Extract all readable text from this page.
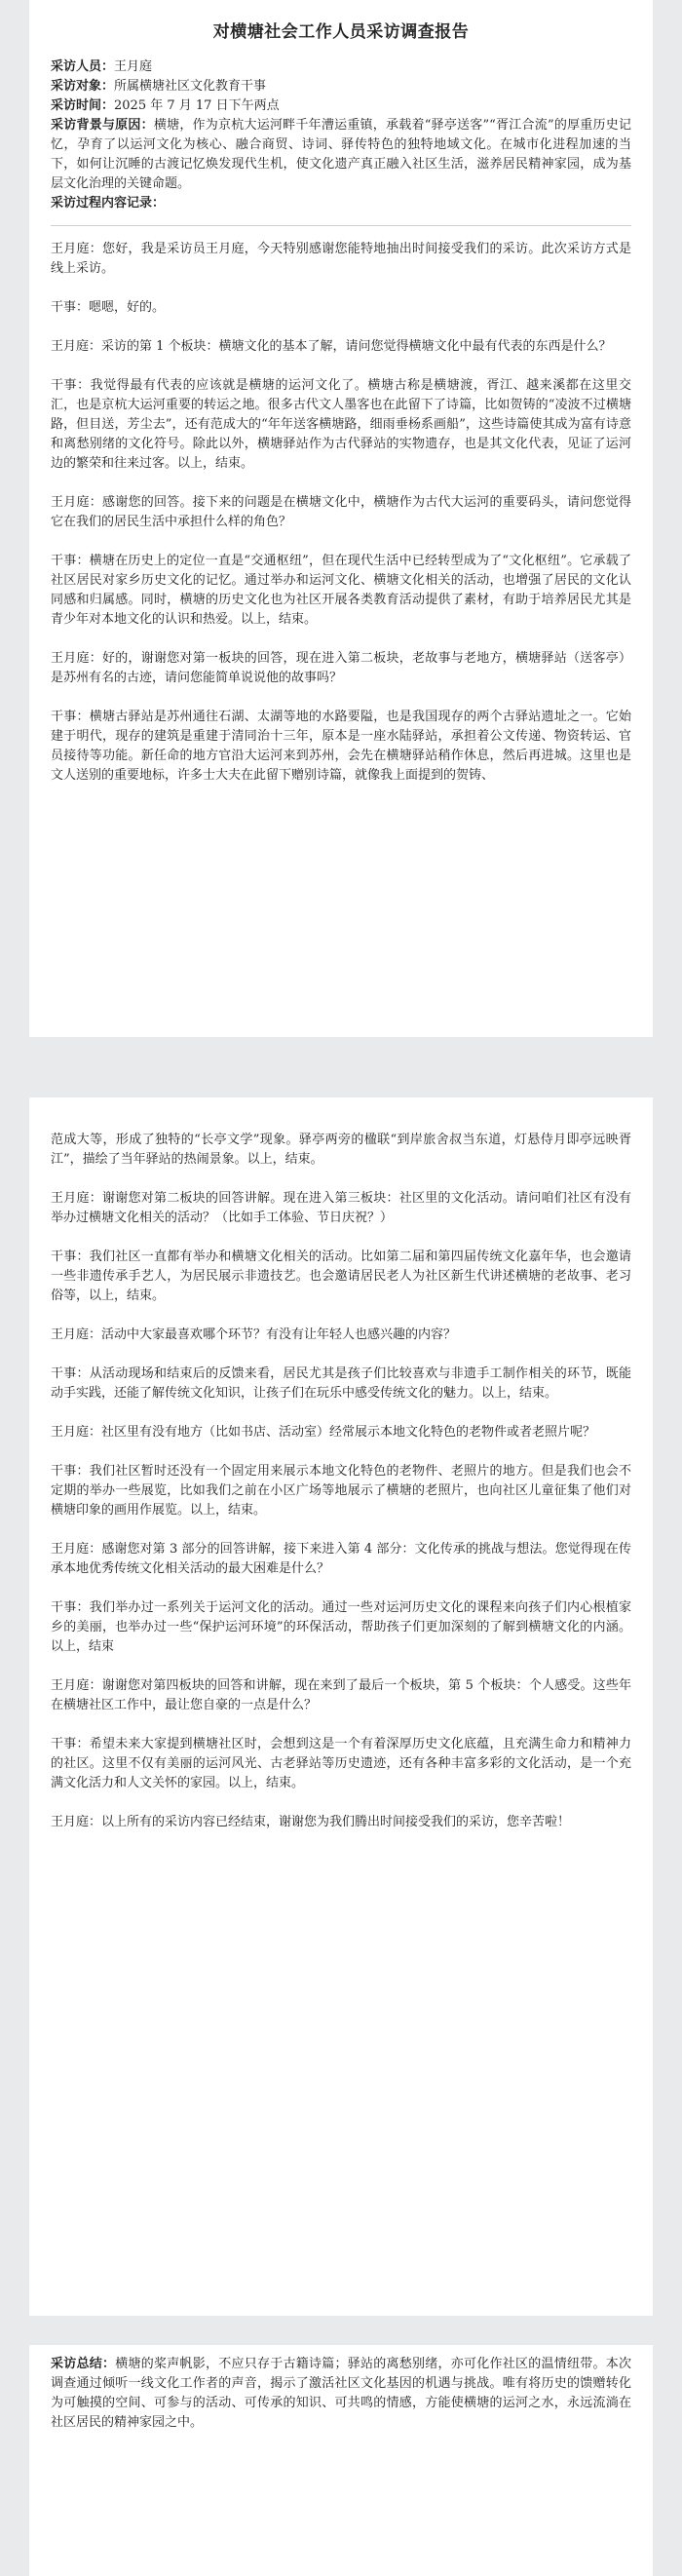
对横塘社会工作人员采访调查报告

采访人员：王月庭

采访对象：所属横塘社区文化教育干事

采访时间：2025 年 7 月 17 日下午两点

采访背景与原因：横塘，作为京杭大运河畔千年漕运重镇，承载着“驿亭送客”“胥江合流”的厚重历史记忆，孕育了以运河文化为核心、融合商贸、诗词、驿传特色的独特地域文化。在城市化进程加速的当下，如何让沉睡的古渡记忆焕发现代生机，使文化遗产真正融入社区生活，滋养居民精神家园，成为基层文化治理的关键命题。

采访过程内容记录：

王月庭：您好，我是采访员王月庭，今天特别感谢您能特地抽出时间接受我们的采访。此次采访方式是线上采访。

干事：嗯嗯，好的。

王月庭：采访的第 1 个板块：横塘文化的基本了解，请问您觉得横塘文化中最有代表的东西是什么？

干事：我觉得最有代表的应该就是横塘的运河文化了。横塘古称是横塘渡，胥江、越来溪都在这里交汇，也是京杭大运河重要的转运之地。很多古代文人墨客也在此留下了诗篇，比如贺铸的“凌波不过横塘路，但目送，芳尘去”，还有范成大的“年年送客横塘路，细雨垂杨系画船”，这些诗篇使其成为富有诗意和离愁别绪的文化符号。除此以外，横塘驿站作为古代驿站的实物遗存，也是其文化代表，见证了运河边的繁荣和往来过客。以上，结束。

王月庭：感谢您的回答。接下来的问题是在横塘文化中，横塘作为古代大运河的重要码头，请问您觉得它在我们的居民生活中承担什么样的角色？

干事：横塘在历史上的定位一直是“交通枢纽”，但在现代生活中已经转型成为了“文化枢纽”。它承载了社区居民对家乡历史文化的记忆。通过举办和运河文化、横塘文化相关的活动，也增强了居民的文化认同感和归属感。同时，横塘的历史文化也为社区开展各类教育活动提供了素材，有助于培养居民尤其是青少年对本地文化的认识和热爱。以上，结束。

王月庭：好的，谢谢您对第一板块的回答，现在进入第二板块，老故事与老地方，横塘驿站（送客亭）是苏州有名的古迹，请问您能简单说说他的故事吗？

干事：横塘古驿站是苏州通往石湖、太湖等地的水路要隘，也是我国现存的两个古驿站遗址之一。它始建于明代，现存的建筑是重建于清同治十三年，原本是一座水陆驿站，承担着公文传递、物资转运、官员接待等功能。新任命的地方官沿大运河来到苏州，会先在横塘驿站稍作休息，然后再进城。这里也是文人送别的重要地标，许多士大夫在此留下赠别诗篇，就像我上面提到的贺铸、

范成大等，形成了独特的“长亭文学”现象。驿亭两旁的楹联“到岸旅舍叔当东道，灯悬侍月即亭远映胥江”，描绘了当年驿站的热闹景象。以上，结束。

王月庭：谢谢您对第二板块的回答讲解。现在进入第三板块：社区里的文化活动。请问咱们社区有没有举办过横塘文化相关的活动？（比如手工体验、节日庆祝？）

干事：我们社区一直都有举办和横塘文化相关的活动。比如第二届和第四届传统文化嘉年华，也会邀请一些非遗传承手艺人，为居民展示非遗技艺。也会邀请居民老人为社区新生代讲述横塘的老故事、老习俗等，以上，结束。

王月庭：活动中大家最喜欢哪个环节？有没有让年轻人也感兴趣的内容？

干事：从活动现场和结束后的反馈来看，居民尤其是孩子们比较喜欢与非遗手工制作相关的环节，既能动手实践，还能了解传统文化知识，让孩子们在玩乐中感受传统文化的魅力。以上，结束。

王月庭：社区里有没有地方（比如书店、活动室）经常展示本地文化特色的老物件或者老照片呢？

干事：我们社区暂时还没有一个固定用来展示本地文化特色的老物件、老照片的地方。但是我们也会不定期的举办一些展览，比如我们之前在小区广场等地展示了横塘的老照片，也向社区儿童征集了他们对横塘印象的画用作展览。以上，结束。

王月庭：感谢您对第 3 部分的回答讲解，接下来进入第 4 部分：文化传承的挑战与想法。您觉得现在传承本地优秀传统文化相关活动的最大困难是什么？

干事：我们举办过一系列关于运河文化的活动。通过一些对运河历史文化的课程来向孩子们内心根植家乡的美丽，也举办过一些“保护运河环境”的环保活动，帮助孩子们更加深刻的了解到横塘文化的内涵。以上，结束

王月庭：谢谢您对第四板块的回答和讲解，现在来到了最后一个板块，第 5 个板块：个人感受。这些年在横塘社区工作中，最让您自豪的一点是什么？

干事：希望未来大家提到横塘社区时，会想到这是一个有着深厚历史文化底蕴，且充满生命力和精神力的社区。这里不仅有美丽的运河风光、古老驿站等历史遗迹，还有各种丰富多彩的文化活动，是一个充满文化活力和人文关怀的家园。以上，结束。

王月庭：以上所有的采访内容已经结束，谢谢您为我们腾出时间接受我们的采访，您辛苦啦！

采访总结：横塘的桨声帆影，不应只存于古籍诗篇；驿站的离愁别绪，亦可化作社区的温情纽带。本次调查通过倾听一线文化工作者的声音，揭示了激活社区文化基因的机遇与挑战。唯有将历史的馈赠转化为可触摸的空间、可参与的活动、可传承的知识、可共鸣的情感，方能使横塘的运河之水，永远流淌在社区居民的精神家园之中。
